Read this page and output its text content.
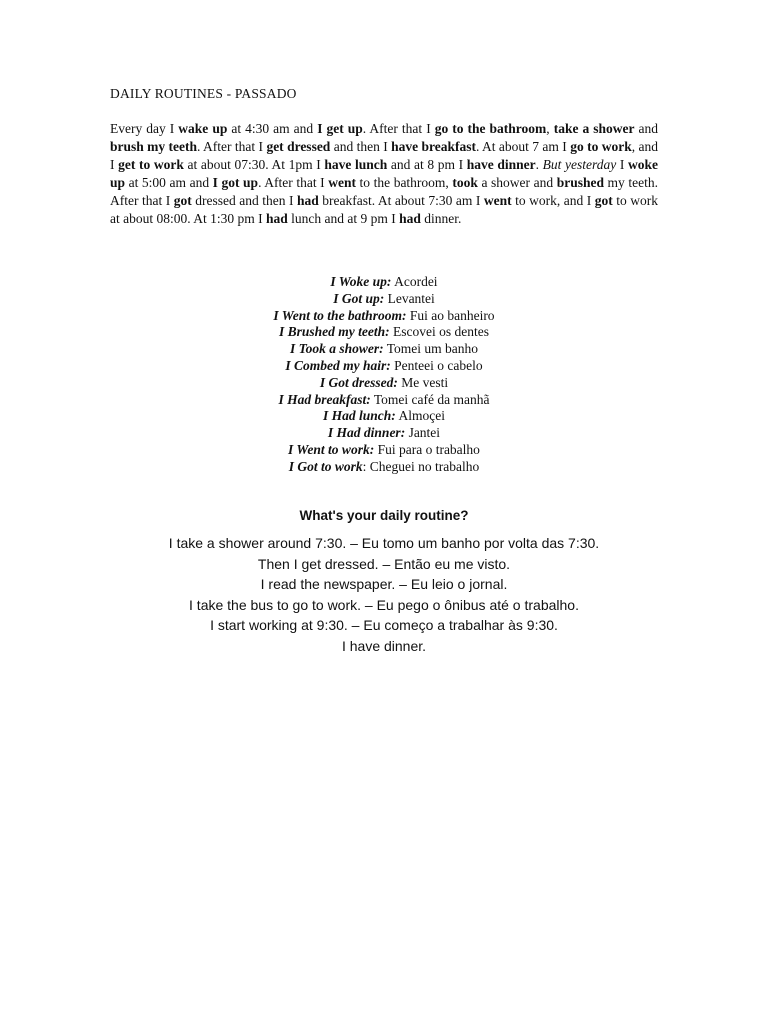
DAILY ROUTINES - PASSADO
Every day I wake up at 4:30 am and I get up. After that I go to the bathroom, take a shower and brush my teeth. After that I get dressed and then I have breakfast. At about 7 am I go to work, and I get to work at about 07:30. At 1pm I have lunch and at 8 pm I have dinner. But yesterday I woke up at 5:00 am and I got up. After that I went to the bathroom, took a shower and brushed my teeth. After that I got dressed and then I had breakfast. At about 7:30 am I went to work, and I got to work at about 08:00. At 1:30 pm I had lunch and at 9 pm I had dinner.
I Woke up: Acordei
I Got up: Levantei
I Went to the bathroom: Fui ao banheiro
I Brushed my teeth: Escovei os dentes
I Took a shower: Tomei um banho
I Combed my hair: Penteei o cabelo
I Got dressed: Me vesti
I Had breakfast: Tomei café da manhã
I Had lunch: Almoçei
I Had dinner: Jantei
I Went to work: Fui para o trabalho
I Got to work: Cheguei no trabalho
What's your daily routine?
I take a shower around 7:30. – Eu tomo um banho por volta das 7:30.
Then I get dressed. – Então eu me visto.
I read the newspaper. – Eu leio o jornal.
I take the bus to go to work. – Eu pego o ônibus até o trabalho.
I start working at 9:30. – Eu começo a trabalhar às 9:30.
I have dinner.
